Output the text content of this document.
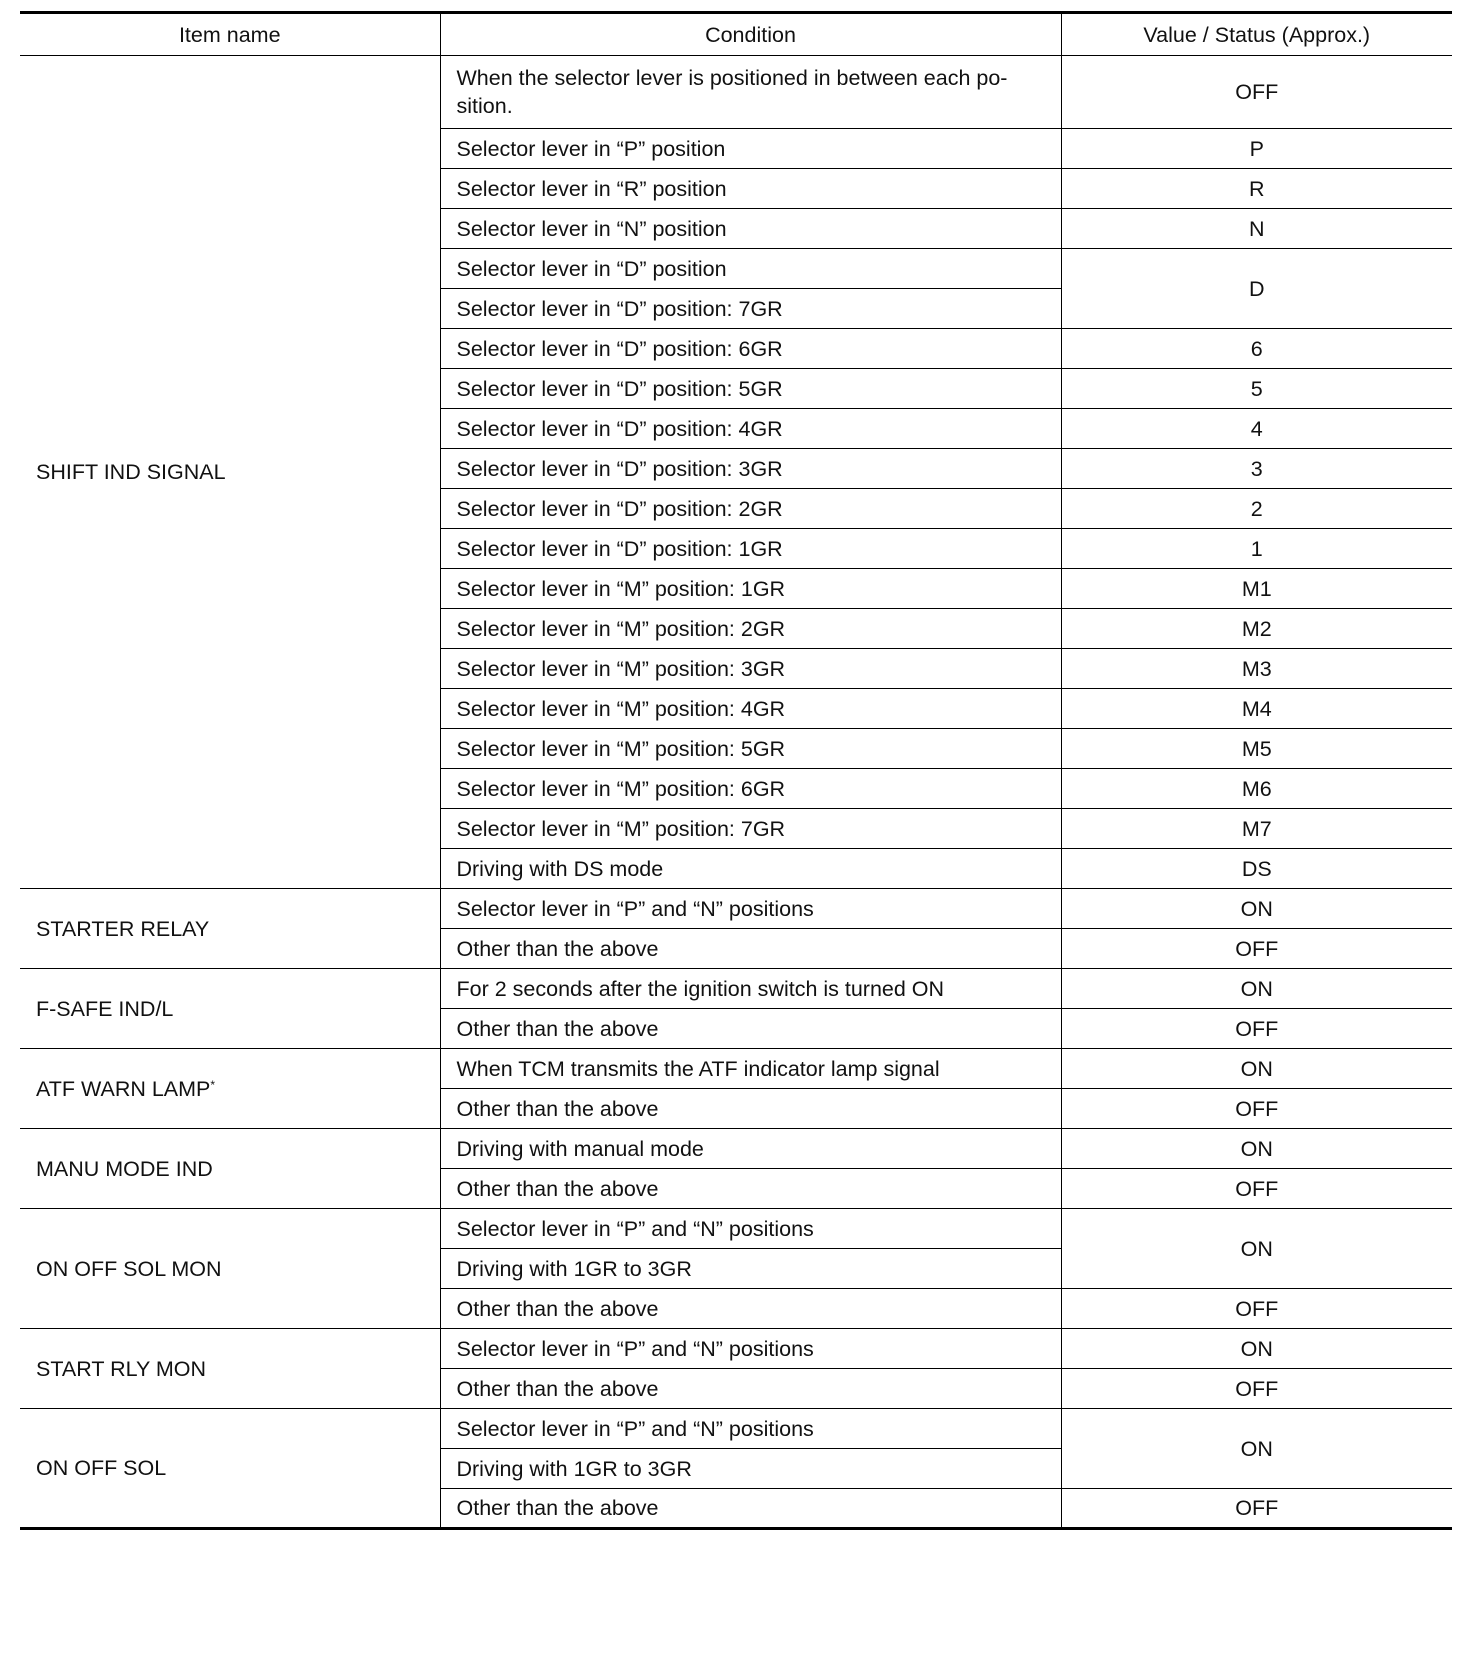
Item name	Condition	Value / Status (Approx.)
SHIFT IND SIGNAL	When the selector lever is positioned in between each po-sition.	OFF
	Selector lever in “P” position	P
	Selector lever in “R” position	R
	Selector lever in “N” position	N
	Selector lever in “D” position	D
	Selector lever in “D” position: 7GR	
	Selector lever in “D” position: 6GR	6
	Selector lever in “D” position: 5GR	5
	Selector lever in “D” position: 4GR	4
	Selector lever in “D” position: 3GR	3
	Selector lever in “D” position: 2GR	2
	Selector lever in “D” position: 1GR	1
	Selector lever in “M” position: 1GR	M1
	Selector lever in “M” position: 2GR	M2
	Selector lever in “M” position: 3GR	M3
	Selector lever in “M” position: 4GR	M4
	Selector lever in “M” position: 5GR	M5
	Selector lever in “M” position: 6GR	M6
	Selector lever in “M” position: 7GR	M7
	Driving with DS mode	DS
STARTER RELAY	Selector lever in “P” and “N” positions	ON
	Other than the above	OFF
F-SAFE IND/L	For 2 seconds after the ignition switch is turned ON	ON
	Other than the above	OFF
ATF WARN LAMP*	When TCM transmits the ATF indicator lamp signal	ON
	Other than the above	OFF
MANU MODE IND	Driving with manual mode	ON
	Other than the above	OFF
ON OFF SOL MON	Selector lever in “P” and “N” positions	ON
	Driving with 1GR to 3GR	
	Other than the above	OFF
START RLY MON	Selector lever in “P” and “N” positions	ON
	Other than the above	OFF
ON OFF SOL	Selector lever in “P” and “N” positions	ON
	Driving with 1GR to 3GR	
	Other than the above	OFF
